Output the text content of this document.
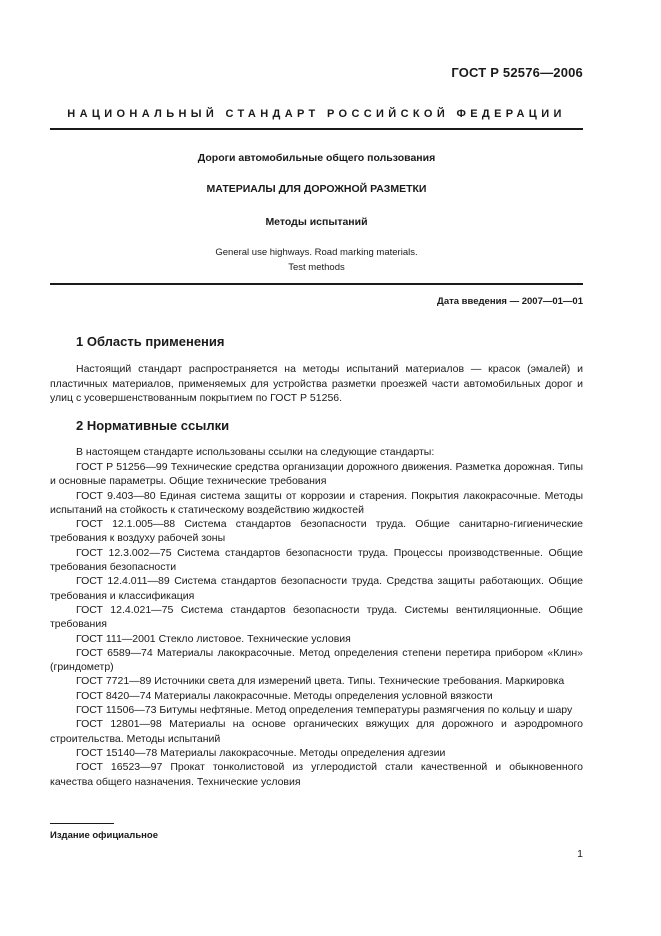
ГОСТ Р 52576—2006
НАЦИОНАЛЬНЫЙ СТАНДАРТ РОССИЙСКОЙ ФЕДЕРАЦИИ
Дороги автомобильные общего пользования
МАТЕРИАЛЫ ДЛЯ ДОРОЖНОЙ РАЗМЕТКИ
Методы испытаний
General use highways. Road marking materials.
Test methods
Дата введения — 2007—01—01
1 Область применения

Настоящий стандарт распространяется на методы испытаний материалов — красок (эмалей) и пластичных материалов, применяемых для устройства разметки проезжей части автомобильных дорог и улиц с усовершенствованным покрытием по ГОСТ Р 51256.

2 Нормативные ссылки
В настоящем стандарте использованы ссылки на следующие стандарты:

ГОСТ Р 51256—99 Технические средства организации дорожного движения. Разметка дорожная. Типы и основные параметры. Общие технические требования

ГОСТ 9.403—80 Единая система защиты от коррозии и старения. Покрытия лакокрасочные. Методы испытаний на стойкость к статическому воздействию жидкостей

ГОСТ 12.1.005—88 Система стандартов безопасности труда. Общие санитарно-гигиенические требования к воздуху рабочей зоны

ГОСТ 12.3.002—75 Система стандартов безопасности труда. Процессы производственные. Общие требования безопасности

ГОСТ 12.4.011—89 Система стандартов безопасности труда. Средства защиты работающих. Общие требования и классификация

ГОСТ 12.4.021—75 Система стандартов безопасности труда. Системы вентиляционные. Общие требования

ГОСТ 111—2001 Стекло листовое. Технические условия

ГОСТ 6589—74 Материалы лакокрасочные. Метод определения степени перетира прибором «Клин» (гриндометр)

ГОСТ 7721—89 Источники света для измерений цвета. Типы. Технические требования. Маркировка

ГОСТ 8420—74 Материалы лакокрасочные. Методы определения условной вязкости

ГОСТ 11506—73 Битумы нефтяные. Метод определения температуры размягчения по кольцу и шару

ГОСТ 12801—98 Материалы на основе органических вяжущих для дорожного и аэродромного строительства. Методы испытаний

ГОСТ 15140—78 Материалы лакокрасочные. Методы определения адгезии

ГОСТ 16523—97 Прокат тонколистовой из углеродистой стали качественной и обыкновенного качества общего назначения. Технические условия

Издание официальное
1
